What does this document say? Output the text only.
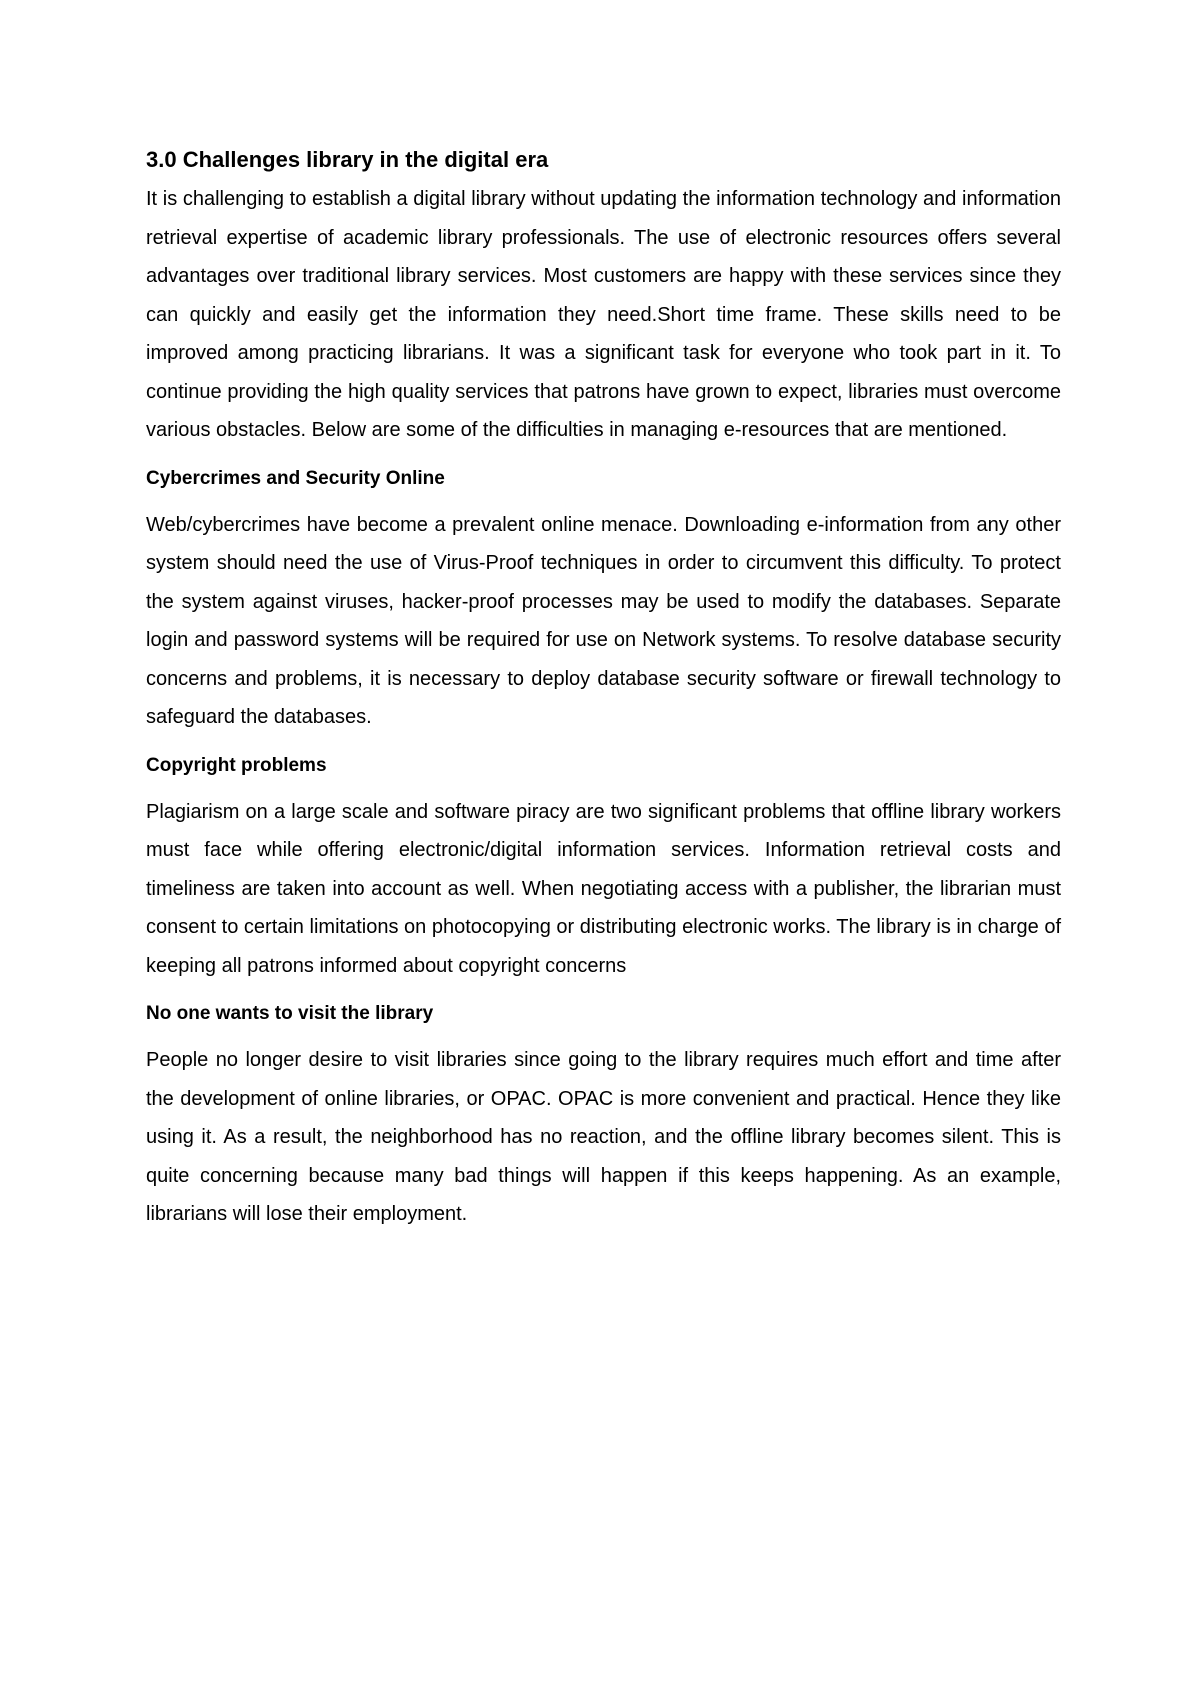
3.0 Challenges library in the digital era

It is challenging to establish a digital library without updating the information technology and information retrieval expertise of academic library professionals. The use of electronic resources offers several advantages over traditional library services. Most customers are happy with these services since they can quickly and easily get the information they need.Short time frame. These skills need to be improved among practicing librarians. It was a significant task for everyone who took part in it. To continue providing the high quality services that patrons have grown to expect, libraries must overcome various obstacles. Below are some of the difficulties in managing e-resources that are mentioned.

Cybercrimes and Security Online

Web/cybercrimes have become a prevalent online menace. Downloading e-information from any other system should need the use of Virus-Proof techniques in order to circumvent this difficulty. To protect the system against viruses, hacker-proof processes may be used to modify the databases. Separate login and password systems will be required for use on Network systems. To resolve database security concerns and problems, it is necessary to deploy database security software or firewall technology to safeguard the databases.

Copyright problems

Plagiarism on a large scale and software piracy are two significant problems that offline library workers must face while offering electronic/digital information services. Information retrieval costs and timeliness are taken into account as well. When negotiating access with a publisher, the librarian must consent to certain limitations on photocopying or distributing electronic works. The library is in charge of keeping all patrons informed about copyright concerns

No one wants to visit the library

People no longer desire to visit libraries since going to the library requires much effort and time after the development of online libraries, or OPAC. OPAC is more convenient and practical. Hence they like using it. As a result, the neighborhood has no reaction, and the offline library becomes silent. This is quite concerning because many bad things will happen if this keeps happening. As an example, librarians will lose their employment.
